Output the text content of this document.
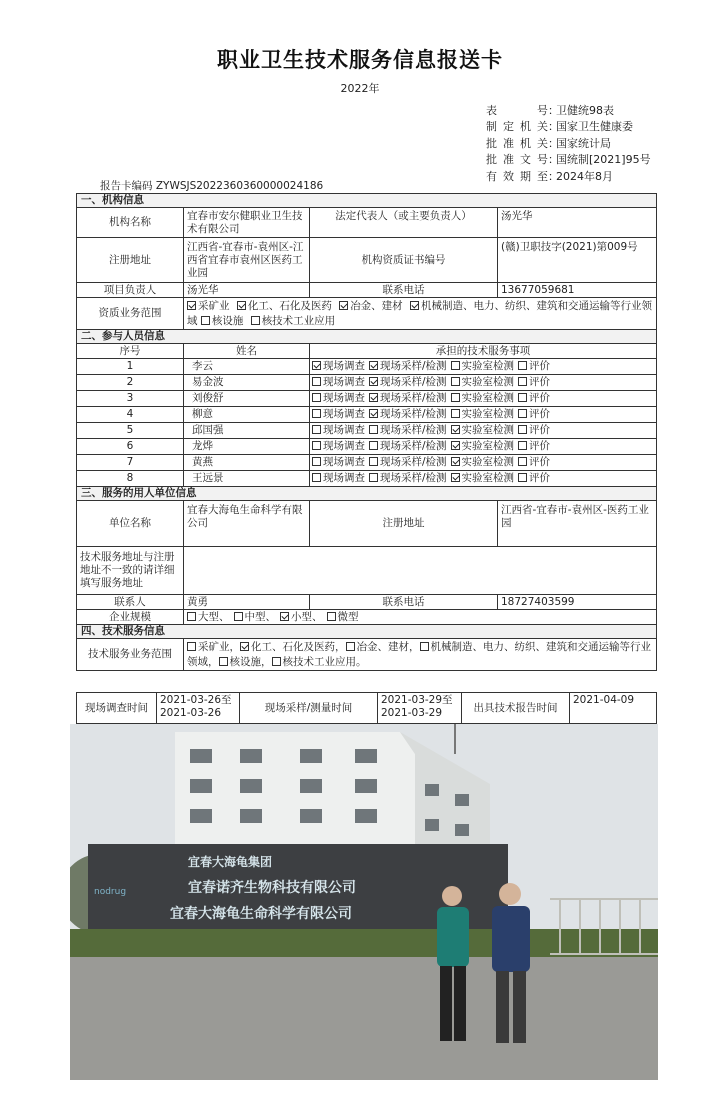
职业卫生技术服务信息报送卡
2022年
表号 ：
卫健统98表
制定机关 ：
国家卫生健康委
批准机关 ：
国家统计局
批准文号 ：
国统制[2021]95号
有效期至 ：
2024年8月
报告卡编码 ZYWSJS2022360360000024186
一、机构信息			
机构名称	宜春市安尔健职业卫生技术有限公司	法定代表人（或主要负责人）	汤光华
注册地址	江西省-宜春市-袁州区-江西省宜春市袁州区医药工业园	机构资质证书编号	(赣)卫职技字(2021)第009号
项目负责人	汤光华	联系电话	13677059681
资质业务范围	采矿业 化工、石化及医药 冶金、建材 机械制造、电力、纺织、建筑和交通运输等行业领域 核设施 核技术工业应用		
二、参与人员信息			
序号	姓名	承担的技术服务事项	
1	李云	现场调查 现场采样/检测 实验室检测 评价	
2	易金波	现场调查 现场采样/检测 实验室检测 评价	
3	刘俊舒	现场调查 现场采样/检测 实验室检测 评价	
4	柳意	现场调查 现场采样/检测 实验室检测 评价	
5	邱国强	现场调查 现场采样/检测 实验室检测 评价	
6	龙烨	现场调查 现场采样/检测 实验室检测 评价	
7	黄燕	现场调查 现场采样/检测 实验室检测 评价	
8	王远景	现场调查 现场采样/检测 实验室检测 评价	
三、服务的用人单位信息			
单位名称	宜春大海龟生命科学有限公司	注册地址	江西省-宜春市-袁州区-医药工业园
技术服务地址与注册地址不一致的请详细填写服务地址			
联系人	黄勇	联系电话	18727403599
企业规模	大型、 中型、 小型、 微型		
四、技术服务信息			
技术服务业务范围	采矿业， 化工、石化及医药， 冶金、建材， 机械制造、电力、纺织、建筑和交通运输等行业领域， 核设施， 核技术工业应用。		
现场调查时间	2021-03-26至2021-03-26	现场采样/测量时间	2021-03-29至2021-03-29	出具技术报告时间	2021-04-09
宜春大海龟集团
nodrug	宜春诺齐生物科技有限公司
宜春大海龟生命科学有限公司
